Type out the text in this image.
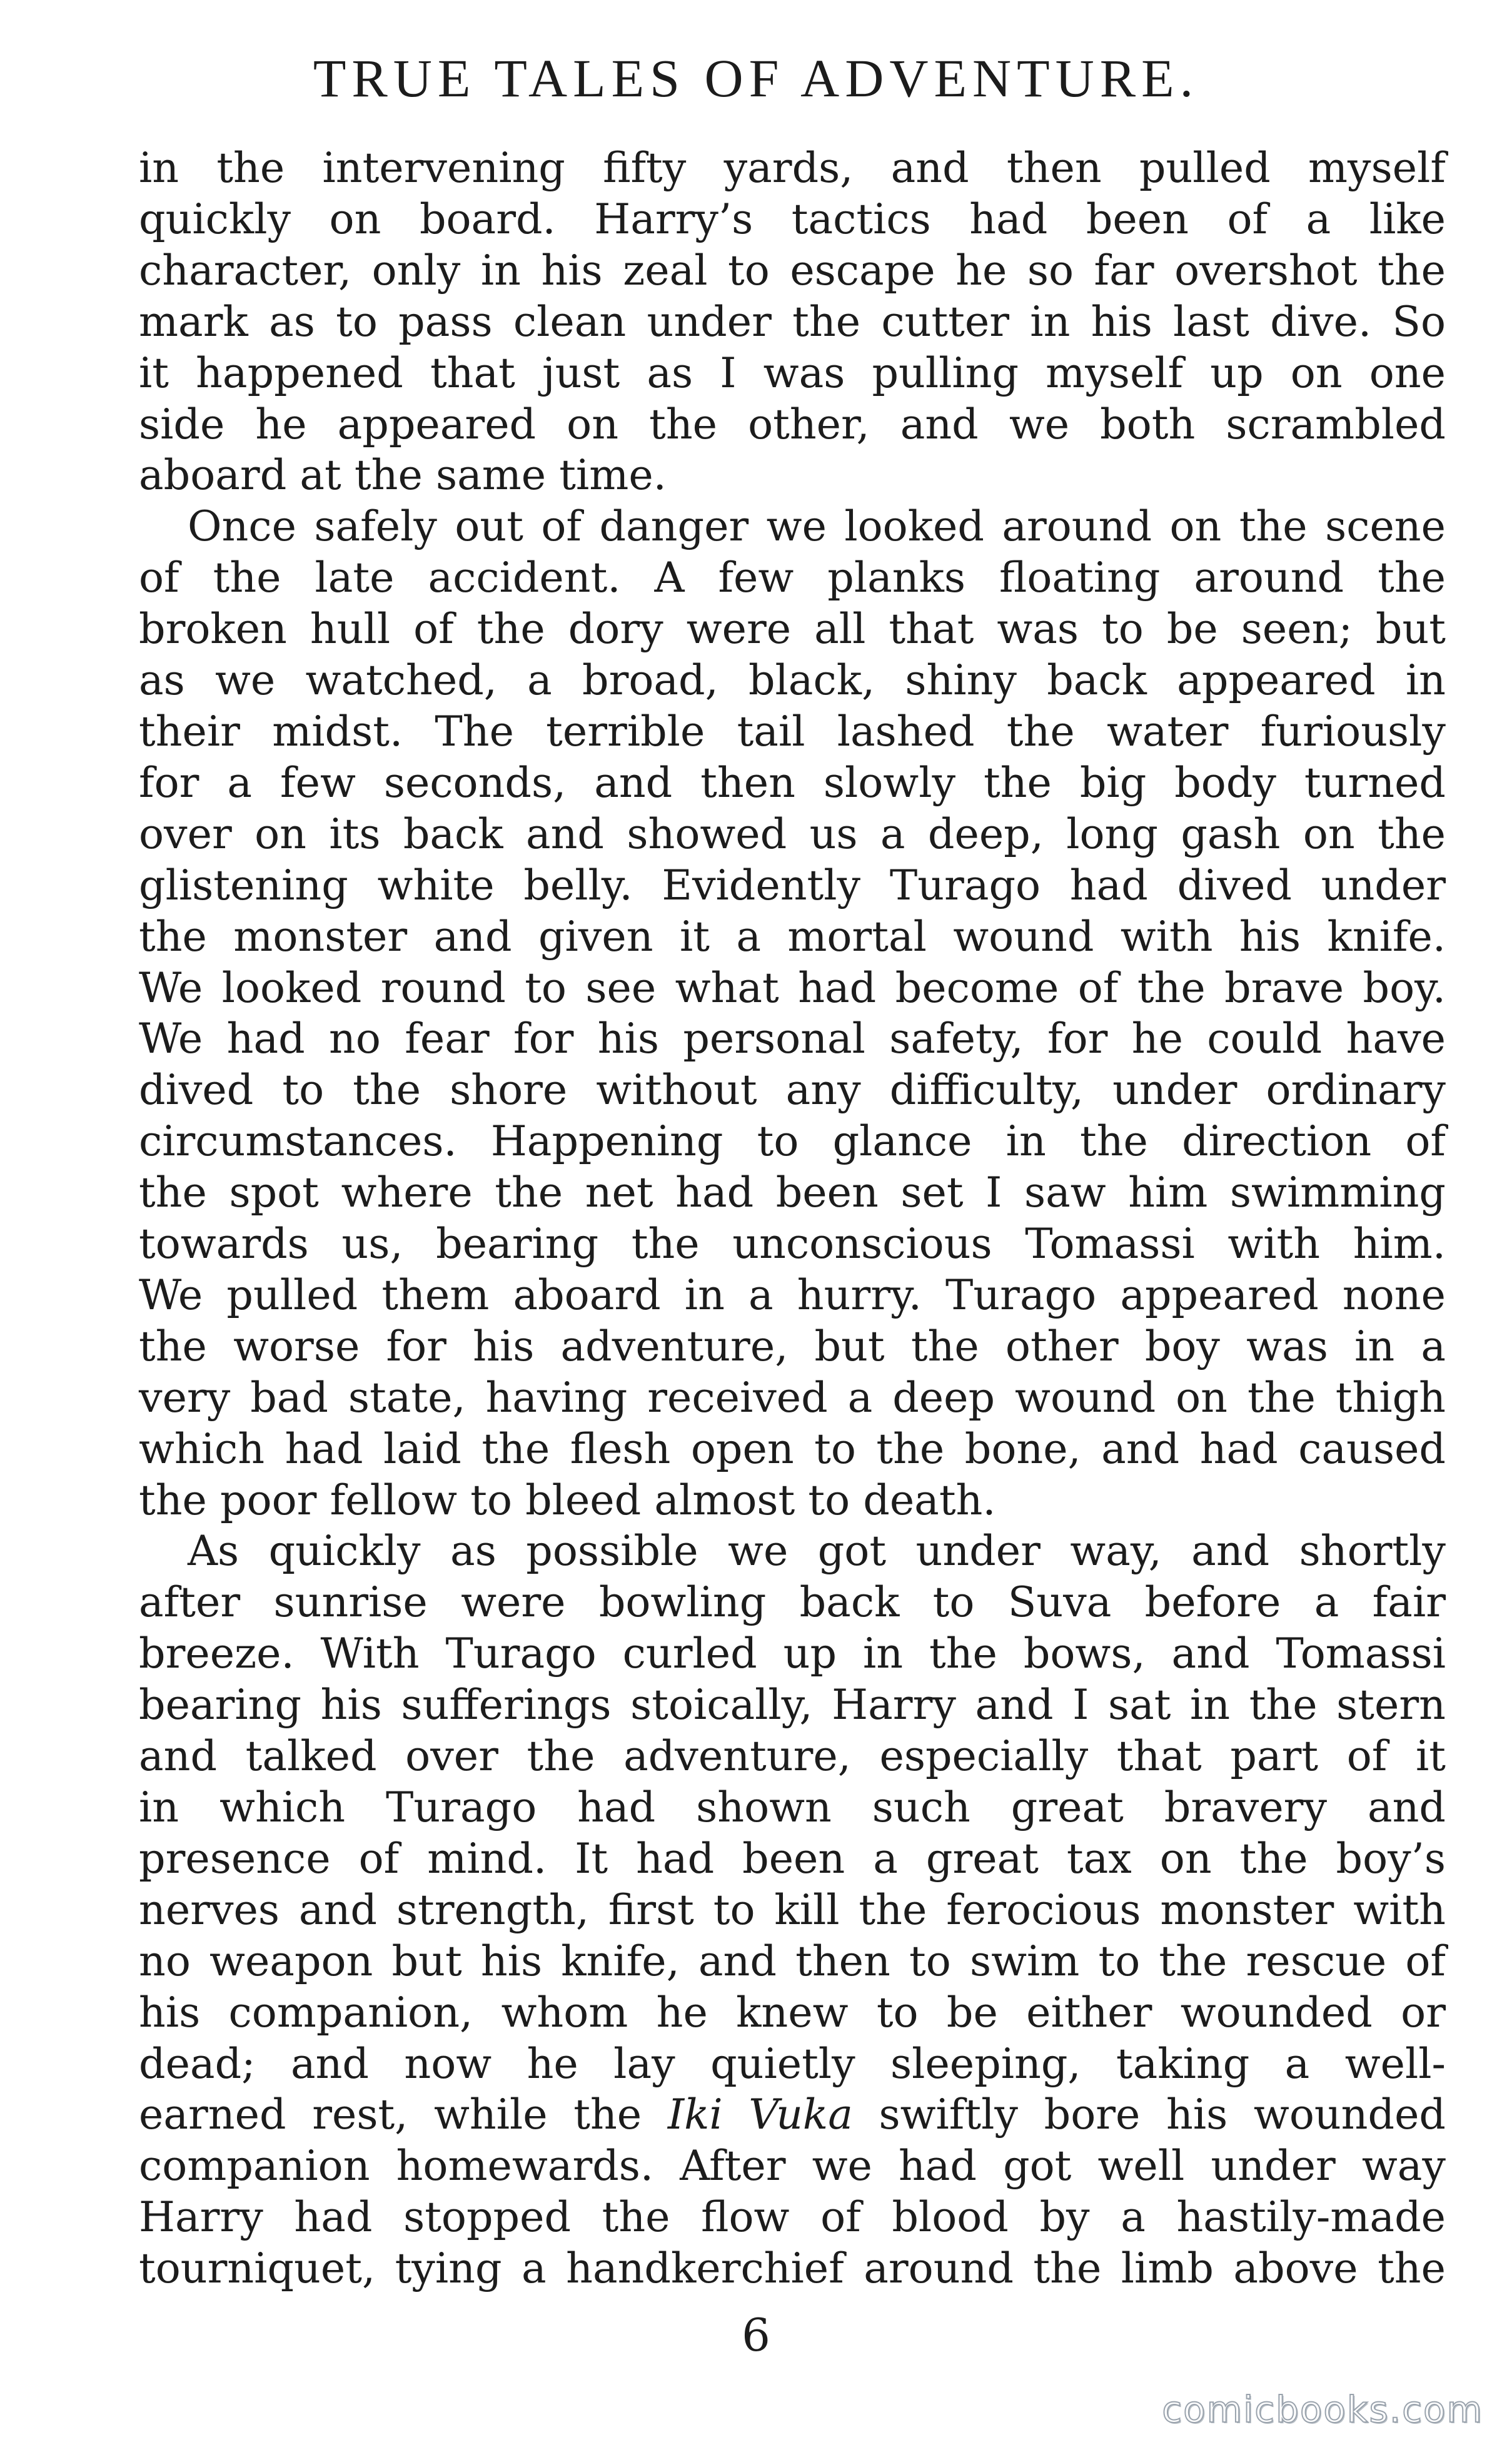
TRUE TALES OF ADVENTURE.
in the intervening fifty yards, and then pulled myself
quickly on board. Harry’s tactics had been of a like
character, only in his zeal to escape he so far overshot the
mark as to pass clean under the cutter in his last dive. So
it happened that just as I was pulling myself up on one
side he appeared on the other, and we both scrambled
aboard at the same time.
Once safely out of danger we looked around on the scene
of the late accident. A few planks floating around the
broken hull of the dory were all that was to be seen; but
as we watched, a broad, black, shiny back appeared in
their midst. The terrible tail lashed the water furiously
for a few seconds, and then slowly the big body turned
over on its back and showed us a deep, long gash on the
glistening white belly. Evidently Turago had dived under
the monster and given it a mortal wound with his knife.
We looked round to see what had become of the brave boy.
We had no fear for his personal safety, for he could have
dived to the shore without any difficulty, under ordinary
circumstances. Happening to glance in the direction of
the spot where the net had been set I saw him swimming
towards us, bearing the unconscious Tomassi with him.
We pulled them aboard in a hurry. Turago appeared none
the worse for his adventure, but the other boy was in a
very bad state, having received a deep wound on the thigh
which had laid the flesh open to the bone, and had caused
the poor fellow to bleed almost to death.
As quickly as possible we got under way, and shortly
after sunrise were bowling back to Suva before a fair
breeze. With Turago curled up in the bows, and Tomassi
bearing his sufferings stoically, Harry and I sat in the stern
and talked over the adventure, especially that part of it
in which Turago had shown such great bravery and
presence of mind. It had been a great tax on the boy’s
nerves and strength, first to kill the ferocious monster with
no weapon but his knife, and then to swim to the rescue of
his companion, whom he knew to be either wounded or
dead; and now he lay quietly sleeping, taking a well-
earned rest, while the Iki Vuka swiftly bore his wounded
companion homewards. After we had got well under way
Harry had stopped the flow of blood by a hastily-made
tourniquet, tying a handkerchief around the limb above the
6
comicbooks.com
